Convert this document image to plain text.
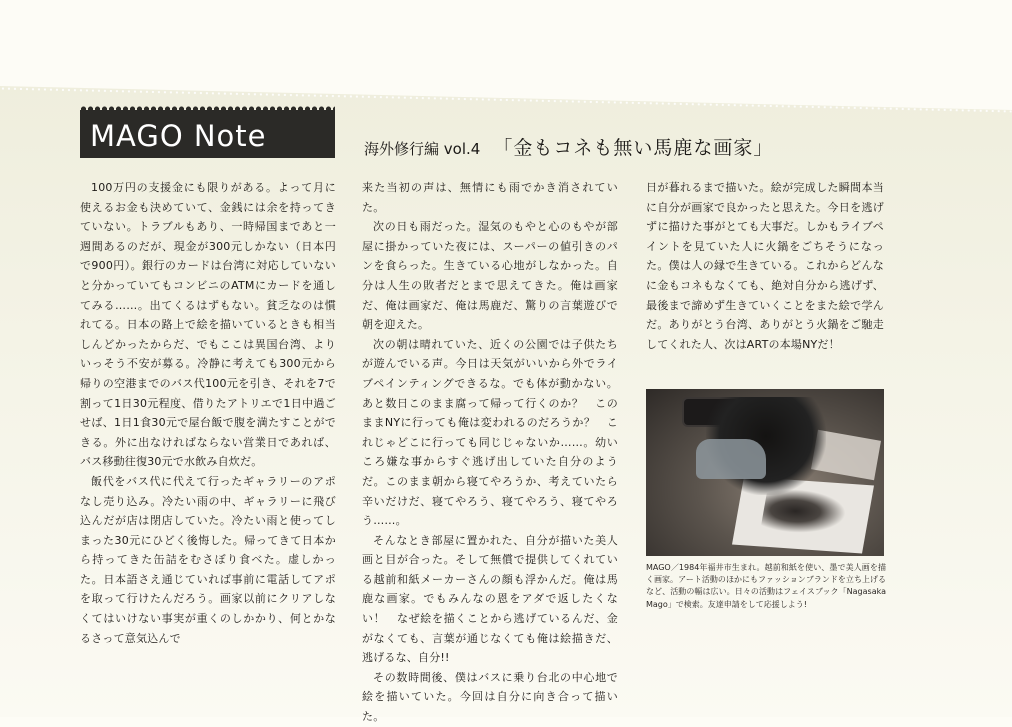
MAGO Note	海外修行編 vol.4 「金もコネも無い馬鹿な画家」

100万円の支援金にも限りがある。よって月に使えるお金も決めていて、金銭には余を持ってきていない。トラブルもあり、一時帰国まであと一週間あるのだが、現金が300元しかない（日本円で900円）。銀行のカードは台湾に対応していないと分かっていてもコンビニのATMにカードを通してみる……。出てくるはずもない。貧乏なのは慣れてる。日本の路上で絵を描いているときも相当しんどかったからだ、でもここは異国台湾、よりいっそう不安が募る。冷静に考えても300元から帰りの空港までのバス代100元を引き、それを7で割って1日30元程度、借りたアトリエで1日中過ごせば、1日1食30元で屋台飯で腹を満たすことができる。外に出なければならない営業日であれば、バス移動往復30元で水飲み自炊だ。

飯代をバス代に代えて行ったギャラリーのアポなし売り込み。冷たい雨の中、ギャラリーに飛び込んだが店は閉店していた。冷たい雨と使ってしまった30元にひどく後悔した。帰ってきて日本から持ってきた缶詰をむさぼり食べた。虚しかった。日本語さえ通じていれば事前に電話してアポを取って行けたんだろう。画家以前にクリアしなくてはいけない事実が重くのしかかり、何とかなるさって意気込んで

来た当初の声は、無情にも雨でかき消されていた。

次の日も雨だった。湿気のもやと心のもやが部屋に掛かっていた夜には、スーパーの値引きのパンを食らった。生きている心地がしなかった。自分は人生の敗者だとまで思えてきた。俺は画家だ、俺は画家だ、俺は馬鹿だ、驚りの言葉遊びで朝を迎えた。

次の朝は晴れていた、近くの公園では子供たちが遊んでいる声。今日は天気がいいから外でライブペインティングできるな。でも体が動かない。あと数日このまま腐って帰って行くのか？　このままNYに行っても俺は変われるのだろうか？　これじゃどこに行っても同じじゃないか……。幼いころ嫌な事からすぐ逃げ出していた自分のようだ。このまま朝から寝てやろうか、考えていたら辛いだけだ、寝てやろう、寝てやろう、寝てやろう……。

そんなとき部屋に置かれた、自分が描いた美人画と目が合った。そして無償で提供してくれている越前和紙メーカーさんの顔も浮かんだ。俺は馬鹿な画家。でもみんなの恩をアダで返したくない！　なぜ絵を描くことから逃げているんだ、金がなくても、言葉が通じなくても俺は絵描きだ、逃げるな、自分!!

その数時間後、僕はバスに乗り台北の中心地で絵を描いていた。今回は自分に向き合って描いた。

日が暮れるまで描いた。絵が完成した瞬間本当に自分が画家で良かったと思えた。今日を逃げずに描けた事がとても大事だ。しかもライブペイントを見ていた人に火鍋をごちそうになった。僕は人の縁で生きている。これからどんなに金もコネもなくても、絶対自分から逃げず、最後まで諦めず生きていくことをまた絵で学んだ。ありがとう台湾、ありがとう火鍋をご馳走してくれた人、次はARTの本場NYだ！

MAGO／1984年福井市生まれ。越前和紙を使い、墨で美人画を描く画家。アート活動のほかにもファッションブランドを立ち上げるなど、活動の幅は広い。日々の活動はフェイスブック「Nagasaka Mago」で検索。友達申請をして応援しよう!
